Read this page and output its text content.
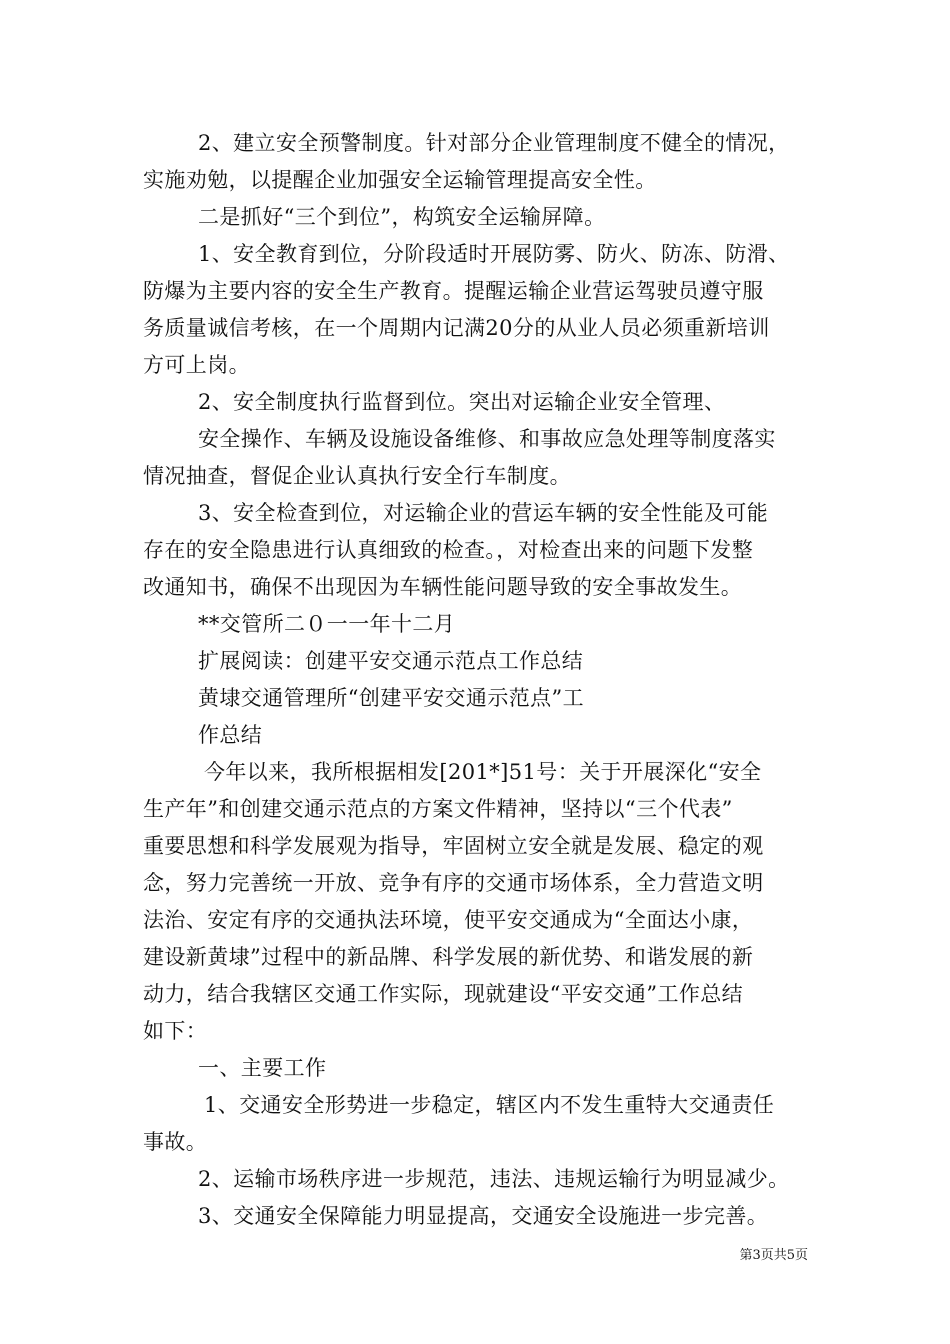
2、建立安全预警制度。针对部分企业管理制度不健全的情况，
实施劝勉，以提醒企业加强安全运输管理提高安全性。
二是抓好“三个到位”，构筑安全运输屏障。
1、安全教育到位，分阶段适时开展防雾、防火、防冻、防滑、
防爆为主要内容的安全生产教育。提醒运输企业营运驾驶员遵守服
务质量诚信考核，在一个周期内记满20分的从业人员必须重新培训
方可上岗。
2、安全制度执行监督到位。突出对运输企业安全管理、
安全操作、车辆及设施设备维修、和事故应急处理等制度落实
情况抽查，督促企业认真执行安全行车制度。
3、安全检查到位，对运输企业的营运车辆的安全性能及可能
存在的安全隐患进行认真细致的检查。，对检查出来的问题下发整
改通知书，确保不出现因为车辆性能问题导致的安全事故发生。
**交管所二０一一年十二月
扩展阅读：创建平安交通示范点工作总结
黄埭交通管理所“创建平安交通示范点”工
作总结
今年以来，我所根据相发[201*]51号：关于开展深化“安全
生产年”和创建交通示范点的方案文件精神，坚持以“三个代表”
重要思想和科学发展观为指导，牢固树立安全就是发展、稳定的观
念，努力完善统一开放、竞争有序的交通市场体系，全力营造文明
法治、安定有序的交通执法环境，使平安交通成为“全面达小康，
建设新黄埭”过程中的新品牌、科学发展的新优势、和谐发展的新
动力，结合我辖区交通工作实际，现就建设“平安交通”工作总结
如下：
一、主要工作
1、交通安全形势进一步稳定，辖区内不发生重特大交通责任
事故。
2、运输市场秩序进一步规范，违法、违规运输行为明显减少。
3、交通安全保障能力明显提高，交通安全设施进一步完善。
第3页共5页
